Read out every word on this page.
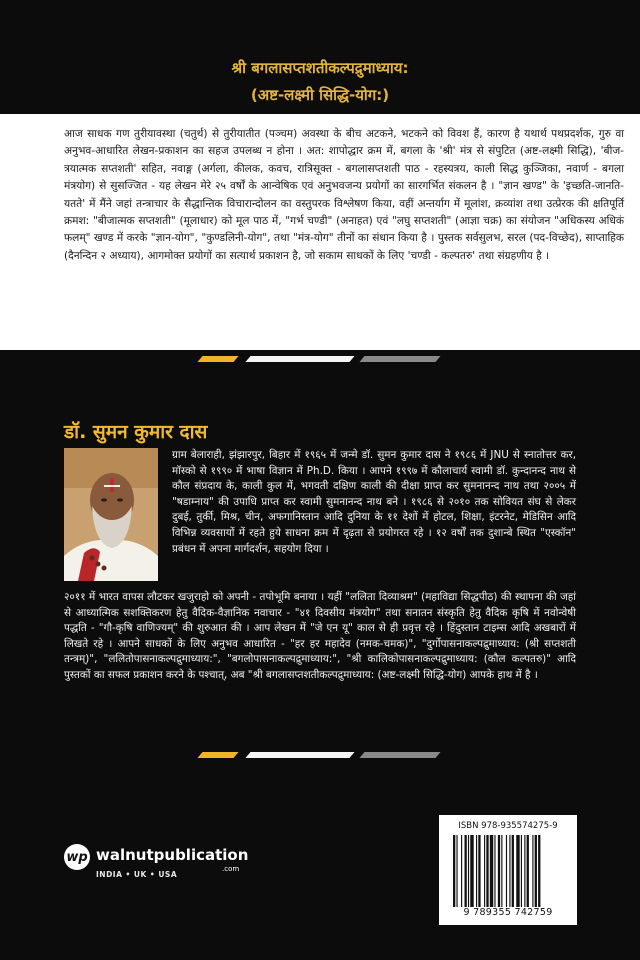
श्री बगलासप्तशतीकल्पद्रुमाध्याय:
(अष्ट-लक्ष्मी सिद्धि-योग:)

आज साधक गण तुरीयावस्था (चतुर्थ) से तुरीयातीत (पञ्चम) अवस्था के बीच अटकने, भटकने को विवश हैं, कारण है यथार्थ पथप्रदर्शक, गुरु वा अनुभव-आधारित लेखन-प्रकाशन का सहज उपलब्ध न होना । अत: शापोद्धार क्रम में, बगला के 'श्री' मंत्र से संपुटित (अष्ट-लक्ष्मी सिद्धि), 'बीज-त्रयात्मक सप्तशती' सहित, नवाङ्ग (अर्गला, कीलक, कवच, रात्रिसूक्त - बगलासप्तशती पाठ - रहस्यत्रय, काली सिद्ध कुञ्जिका, नवार्ण - बगला मंत्रयोग) से सुसज्जित - यह लेखन मेरे २५ वर्षों के आन्वेषिक एवं अनुभवजन्य प्रयोगों का सारगर्भित संकलन है । "ज्ञान खण्ड" के 'इच्छति-जानति-यतते' में मैंने जहां तन्त्राचार के सैद्धान्तिक विचारान्दोलन का वस्तुपरक विश्लेषण किया, वहीं अन्तर्याग में मूलांश, क्रव्यांश तथा उत्प्रेरक की क्षतिपूर्ति क्रमश: "बीजात्मक सप्तशती" (मूलाधार) को मूल पाठ में, "गर्भ चण्डी" (अनाहत) एवं "लघु सप्तशती" (आज्ञा चक्र) का संयोजन "अधिकस्य अधिकं फलम्" खण्ड में करके "ज्ञान-योग", "कुण्डलिनी-योग", तथा "मंत्र-योग" तीनों का संधान किया है । पुस्तक सर्वसुलभ, सरल (पद-विच्छेद), साप्ताहिक (दैनन्दिन २ अध्याय), आगमोक्त प्रयोगों का सत्यार्थ प्रकाशन है, जो सकाम साधकों के लिए 'चण्डी - कल्पतरु' तथा संग्रहणीय है ।

डॉ. सुमन कुमार दास

ग्राम बेलाराही, झंझारपुर, बिहार में १९६५ में जन्मे डॉ. सुमन कुमार दास ने १९८६ में JNU से स्नातोत्तर कर, मॉस्को से १९९० में भाषा विज्ञान में Ph.D. किया । आपने १९९७ में कौलाचार्य स्वामी डॉ. कुन्दानन्द नाथ से कौल संप्रदाय के, काली कुल में, भगवती दक्षिण काली की दीक्षा प्राप्त कर सुमनानन्द नाथ तथा २००५ में "षडाम्नाय" की उपाधि प्राप्त कर स्वामी सुमनानन्द नाथ बने । १९८६ से २०१० तक सोवियत संघ से लेकर दुबई, तुर्की, मिश्र, चीन, अफगानिस्तान आदि दुनिया के ११ देशों में होटल, शिक्षा, इंटरनेट, मेडिसिन आदि विभिन्न व्यवसायों में रहते हुये साधना क्रम में दृढ़ता से प्रयोगरत रहे । १२ वर्षों तक दुशान्बे स्थित "एस्कॉन" प्रबंधन में अपना मार्गदर्शन, सहयोग दिया ।

२०११ में भारत वापस लौटकर खजुराहो को अपनी - तपोभूमि बनाया । यहीं "ललिता दिव्याश्रम" (महाविद्या सिद्धपीठ) की स्थापना की जहां से आध्यात्मिक सशक्तिकरण हेतु वैदिक-वैज्ञानिक नवाचार - "४१ दिवसीय मंत्रयोग" तथा सनातन संस्कृति हेतु वैदिक कृषि में नवोन्वेषी पद्धति - "गौ-कृषि वाणिज्यम्" की शुरुआत की । आप लेखन में "जे एन यू" काल से ही प्रवृत्त रहे । हिंदुस्तान टाइम्स आदि अखबारों में लिखते रहे । आपने साधकों के लिए अनुभव आधारित - "हर हर महादेव (नमक-चमक)", "दुर्गोपासनाकल्पद्रुमाध्याय: (श्री सप्तशती तन्त्रम्)", "ललितोपासनाकल्पद्रुमाध्याय:", "बगलोपासनाकल्पद्रुमाध्याय:", "श्री कालिकोपासनाकल्पद्रुमाध्याय: (कौल कल्पतरु)" आदि पुस्तकों का सफल प्रकाशन करने के पश्चात्, अब "श्री बगलासप्तशतीकल्पद्रुमाध्याय: (अष्ट-लक्ष्मी सिद्धि-योग) आपके हाथ में है ।

wp walnutpublication
.com
INDIA • UK • USA
ISBN 978-935574275-9
9 789355 742759
